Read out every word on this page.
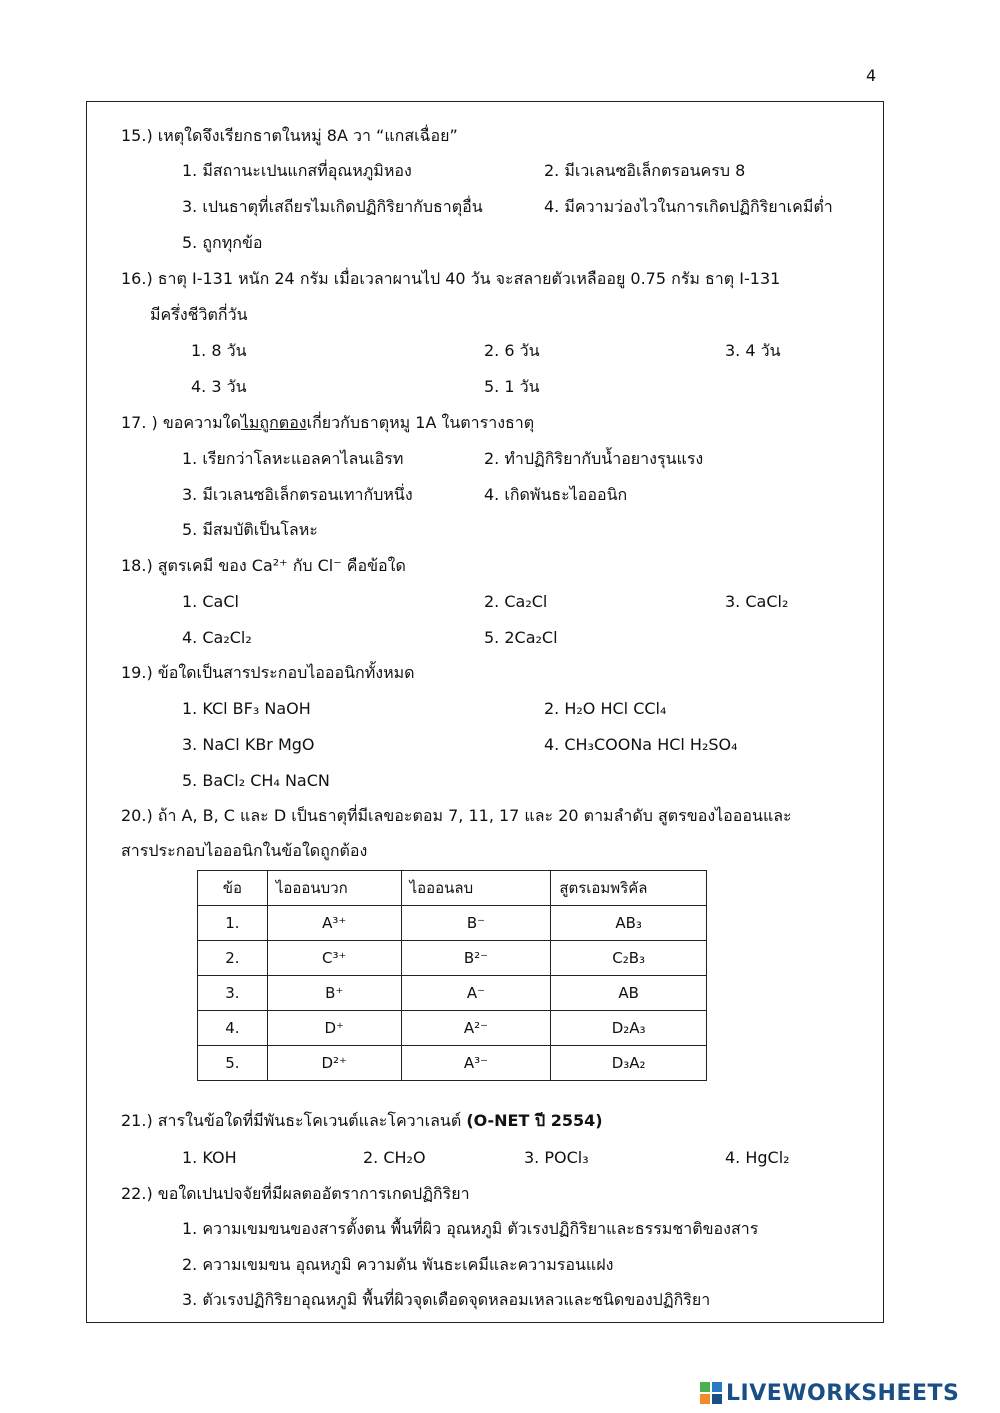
4
15.) เหตุใดจึงเรียกธาตในหมู่ 8A วา “แกสเฉื่อย”
1. มีสถานะเปนแกสที่อุณหภูมิหอง	2. มีเวเลนซอิเล็กตรอนครบ 8
3. เปนธาตุที่เสถียรไมเกิดปฏิกิริยากับธาตุอื่น	4. มีความว่องไวในการเกิดปฏิกิริยาเคมีต่ำ
5. ถูกทุกข้อ
16.) ธาตุ I-131 หนัก 24 กรัม เมื่อเวลาผานไป 40 วัน จะสลายตัวเหลืออยู 0.75 กรัม ธาตุ I-131
มีครึ่งชีวิตกี่วัน
1. 8 วัน	2. 6 วัน	3. 4 วัน
4. 3 วัน	5. 1 วัน
17. ) ขอความใดไมถูกตองเกี่ยวกับธาตุหมู 1A ในตารางธาตุ
1. เรียกว่าโลหะแอลคาไลนเอิรท	2. ทำปฏิกิริยากับน้ำอยางรุนแรง
3. มีเวเลนซอิเล็กตรอนเทากับหนึ่ง	4. เกิดพันธะไอออนิก
5. มีสมบัติเป็นโลหะ
18.) สูตรเคมี ของ Ca²⁺ กับ Cl⁻ คือข้อใด
1. CaCl	2. Ca₂Cl	3. CaCl₂
4. Ca₂Cl₂	5. 2Ca₂Cl
19.) ข้อใดเป็นสารประกอบไอออนิกทั้งหมด
1. KCl BF₃ NaOH	2. H₂O HCl CCl₄
3. NaCl KBr MgO	4. CH₃COONa HCl H₂SO₄
5. BaCl₂ CH₄ NaCN
20.) ถ้า A, B, C และ D เป็นธาตุที่มีเลขอะตอม 7, 11, 17 และ 20 ตามลำดับ สูตรของไอออนและ
สารประกอบไอออนิกในข้อใดถูกต้อง
ข้อ	ไอออนบวก	ไอออนลบ	สูตรเอมพริคัล
1.	A³⁺	B⁻	AB₃
2.	C³⁺	B²⁻	C₂B₃
3.	B⁺	A⁻	AB
4.	D⁺	A²⁻	D₂A₃
5.	D²⁺	A³⁻	D₃A₂
21.) สารในข้อใดที่มีพันธะโคเวนต์และโควาเลนต์ (O-NET ปี 2554)
1. KOH	2. CH₂O	3. POCl₃	4. HgCl₂
22.) ขอใดเปนปจจัยที่มีผลตออัตราการเกดปฏิกิริยา
1. ความเขมขนของสารตั้งตน พื้นที่ผิว อุณหภูมิ ตัวเรงปฏิกิริยาและธรรมชาติของสาร
2. ความเขมขน อุณหภูมิ ความดัน พันธะเคมีและความรอนแฝง
3. ตัวเรงปฏิกิริยาอุณหภูมิ พื้นที่ผิวจุดเดือดจุดหลอมเหลวและชนิดของปฏิกิริยา
LIVEWORKSHEETS
